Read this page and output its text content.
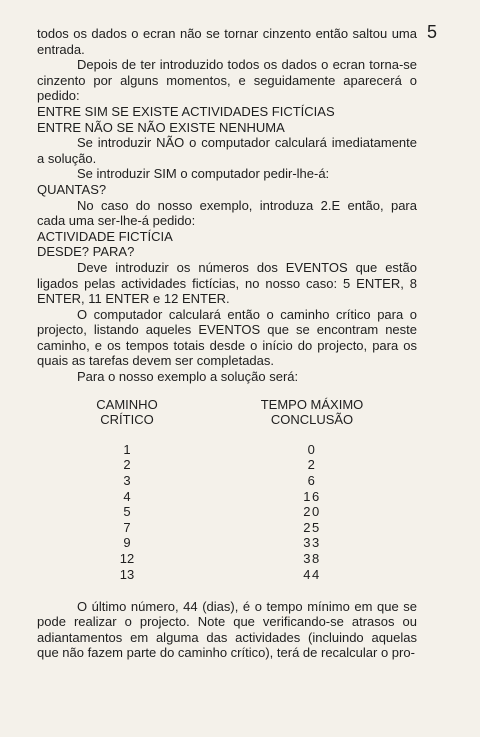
5

todos os dados o ecran não se tornar cinzento então saltou uma entrada.

Depois de ter introduzido todos os dados o ecran torna-se cinzento por alguns momentos, e seguidamente aparecerá o pedido:

ENTRE SIM SE EXISTE ACTIVIDADES FICTÍCIAS

ENTRE NÃO SE NÃO EXISTE NENHUMA

Se introduzir NÃO o computador calculará imediatamente a solução.

Se introduzir SIM o computador pedir-lhe-á:

QUANTAS?

No caso do nosso exemplo, introduza 2.E então, para cada uma ser-lhe-á pedido:

ACTIVIDADE FICTÍCIA

DESDE? PARA?

Deve introduzir os números dos EVENTOS que estão ligados pelas actividades fictícias, no nosso caso: 5 ENTER, 8 ENTER, 11 ENTER e 12 ENTER.

O computador calculará então o caminho crítico para o projecto, listando aqueles EVENTOS que se encontram neste caminho, e os tempos totais desde o início do projecto, para os quais as tarefas devem ser completadas.

Para o nosso exemplo a solução será:

CAMINHO
CRÍTICO
1
2
3
4
5
7
9
12
13
TEMPO MÁXIMO
CONCLUSÃO
0
2
6
16
20
25
33
38
44

O último número, 44 (dias), é o tempo mínimo em que se pode realizar o projecto. Note que verificando-se atrasos ou adiantamentos em alguma das actividades (incluindo aquelas que não fazem parte do caminho crítico), terá de recalcular o pro-
